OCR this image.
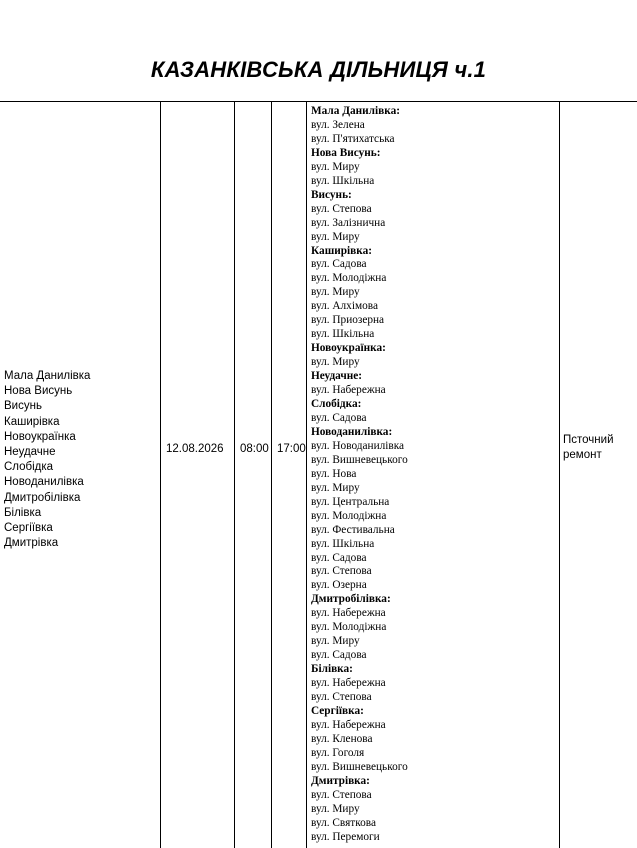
КАЗАНКІВСЬКА ДІЛЬНИЦЯ ч.1
Мала Данилівка
Нова Висунь
Висунь
Каширівка
Новоукраїнка
Неудачне
Слобідка
Новоданилівка
Дмитробілівка
Білівка
Сергіївка
Дмитрівка
12.08.2026 08:00 17:00
Мала Данилівка:
вул. Зелена
вул. П'ятихатська
Нова Висунь:
вул. Миру
вул. Шкільна
Висунь:
вул. Степова
вул. Залізнична
вул. Миру
Каширівка:
вул. Садова
вул. Молодіжна
вул. Миру
вул. Алхімова
вул. Приозерна
вул. Шкільна
Новоукраїнка:
вул. Миру
Неудачне:
вул. Набережна
Слобідка:
вул. Садова
Новоданилівка:
вул. Новоданилівка
вул. Вишневецького
вул. Нова
вул. Миру
вул. Центральна
вул. Молодіжна
вул. Фестивальна
вул. Шкільна
вул. Садова
вул. Степова
вул. Озерна
Дмитробілівка:
вул. Набережна
вул. Молодіжна
вул. Миру
вул. Садова
Білівка:
вул. Набережна
вул. Степова
Сергіївка:
вул. Набережна
вул. Кленова
вул. Гоголя
вул. Вишневецького
Дмитрівка:
вул. Степова
вул. Миру
вул. Святкова
вул. Перемоги
Псточний
ремонт
